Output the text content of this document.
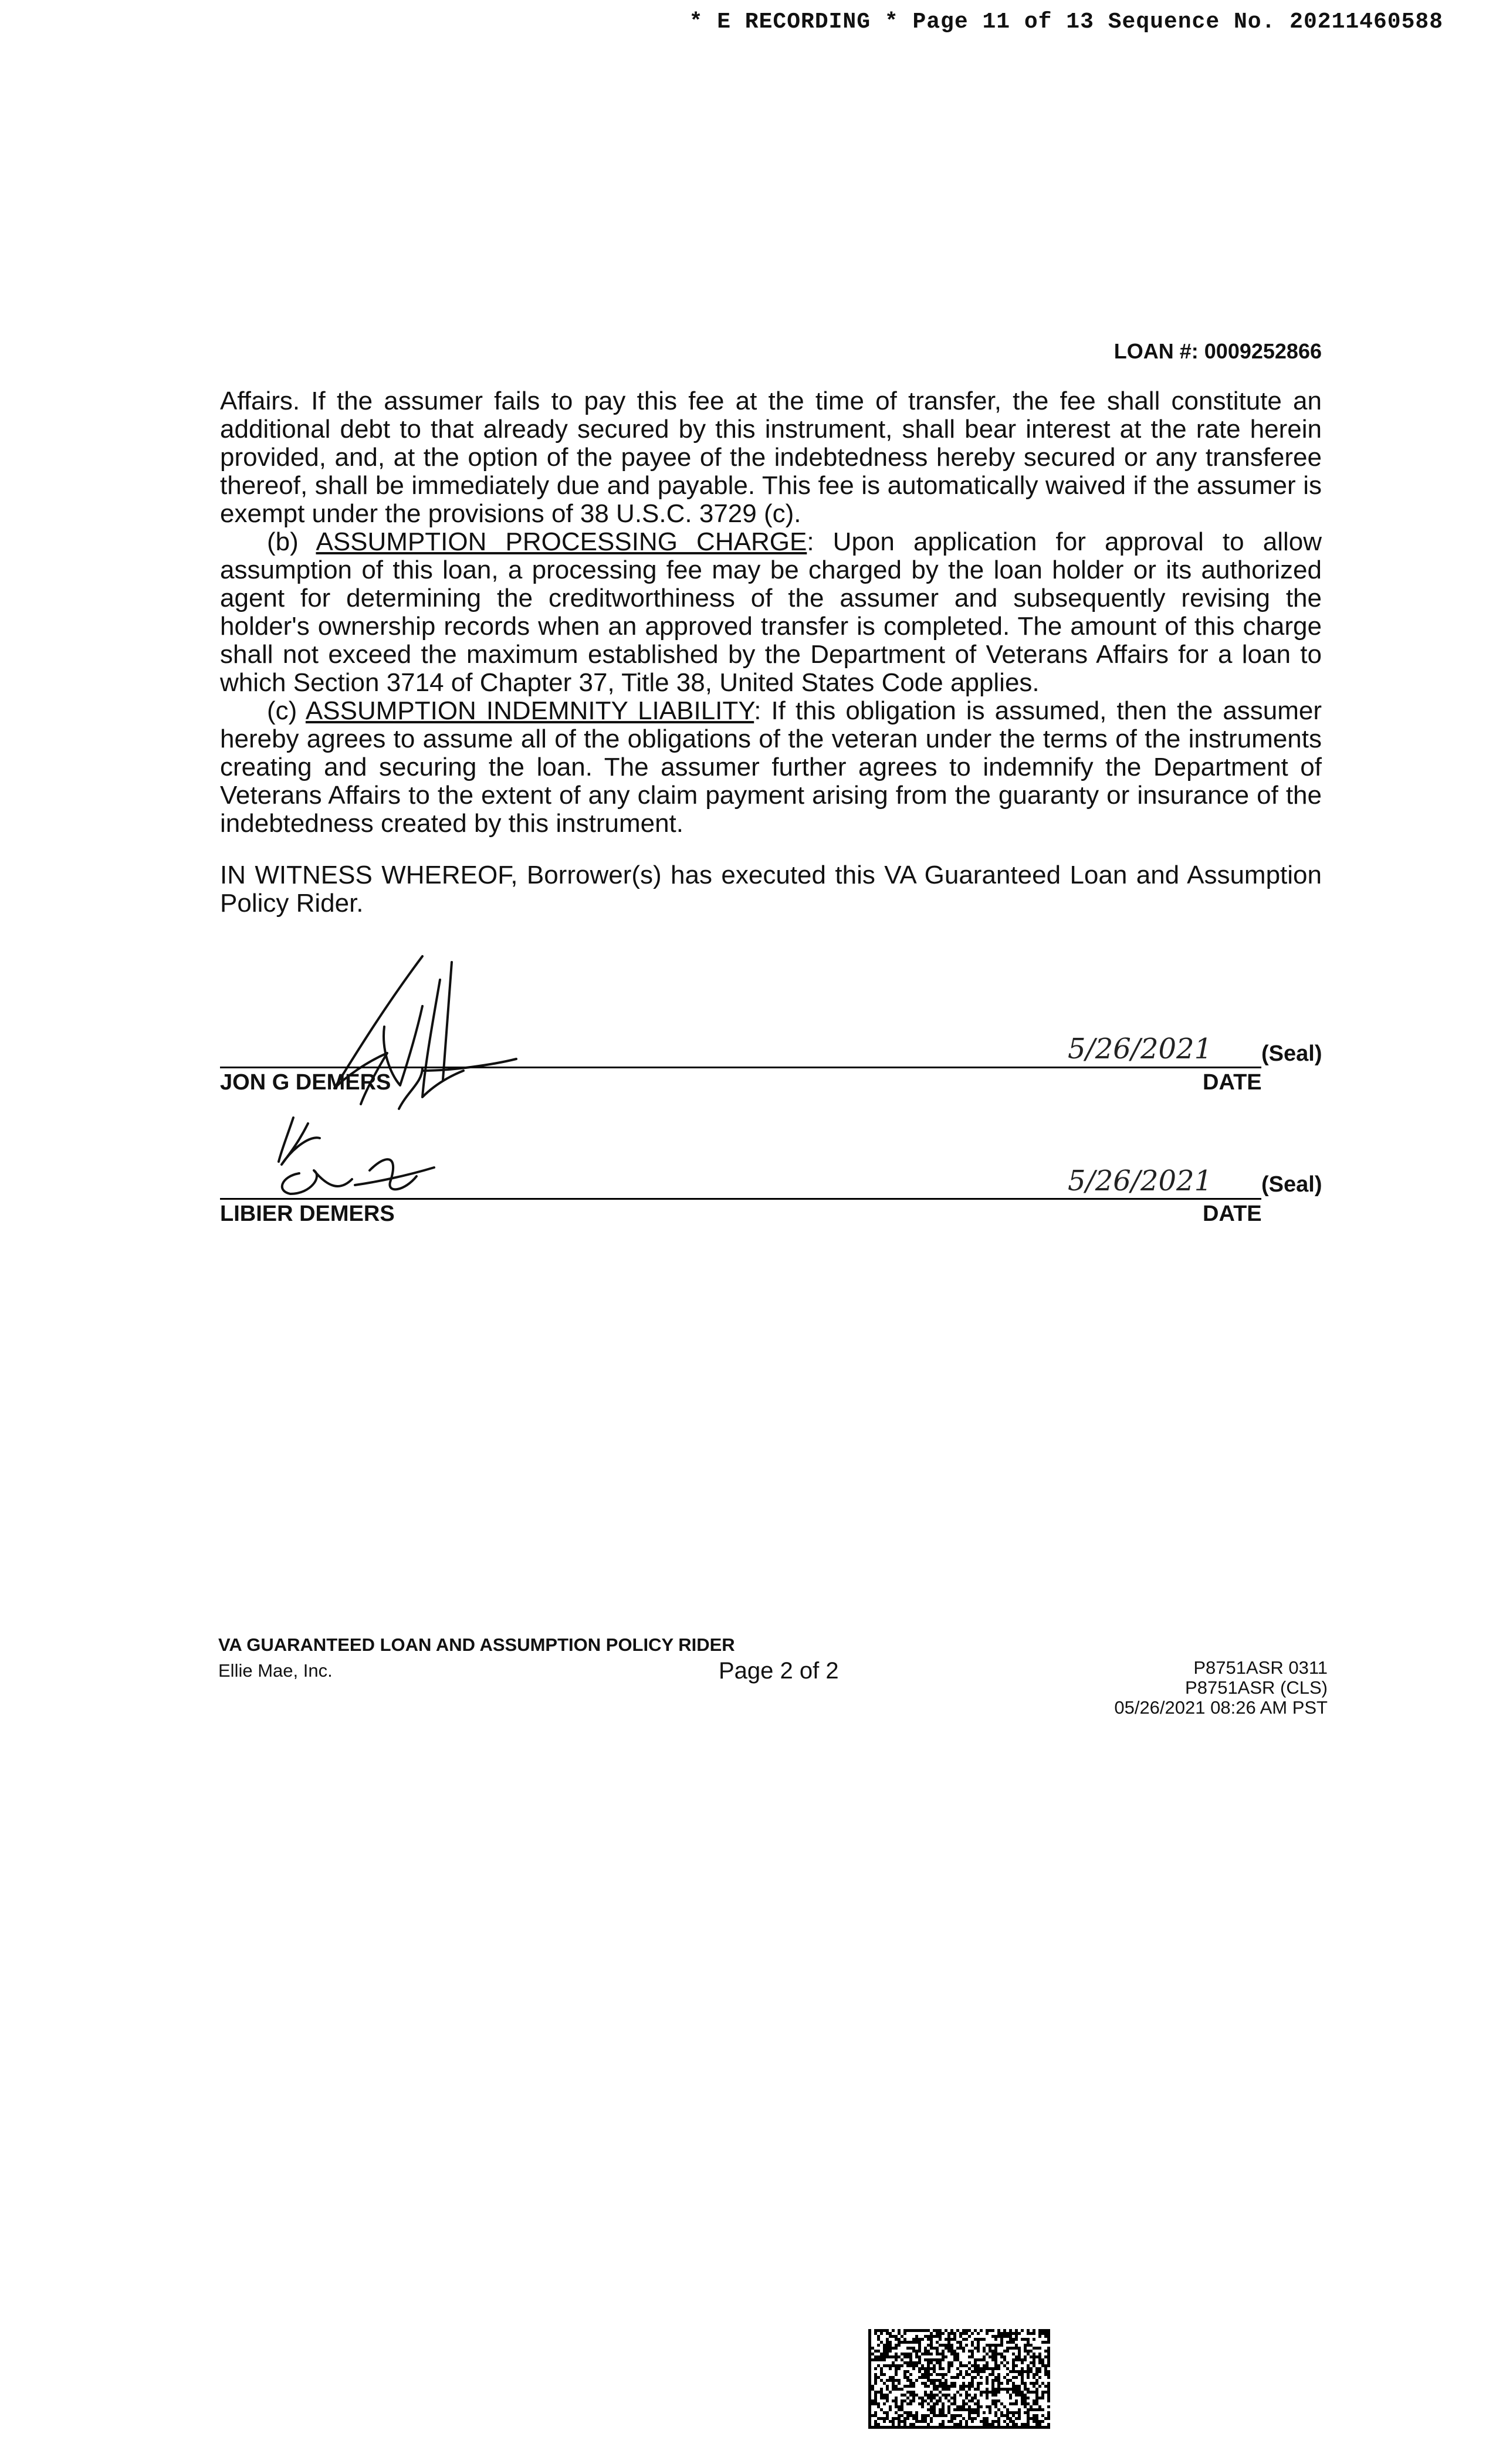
* E RECORDING * Page 11 of 13 Sequence No. 20211460588
LOAN #: 0009252866

Affairs. If the assumer fails to pay this fee at the time of transfer, the fee shall constitute an additional debt to that already secured by this instrument, shall bear interest at the rate herein provided, and, at the option of the payee of the indebtedness hereby secured or any transferee thereof, shall be immediately due and payable. This fee is automatically waived if the assumer is exempt under the provisions of 38 U.S.C. 3729 (c).

(b) ASSUMPTION PROCESSING CHARGE: Upon application for approval to allow assumption of this loan, a processing fee may be charged by the loan holder or its authorized agent for determining the creditworthiness of the assumer and subsequently revising the holder's ownership records when an approved transfer is completed. The amount of this charge shall not exceed the maximum established by the Department of Veterans Affairs for a loan to which Section 3714 of Chapter 37, Title 38, United States Code applies.

(c) ASSUMPTION INDEMNITY LIABILITY: If this obligation is assumed, then the assumer hereby agrees to assume all of the obligations of the veteran under the terms of the instruments creating and securing the loan. The assumer further agrees to indemnify the Department of Veterans Affairs to the extent of any claim payment arising from the guaranty or insurance of the indebtedness created by this instrument.

IN WITNESS WHEREOF, Borrower(s) has executed this VA Guaranteed Loan and Assumption Policy Rider.
5/26/2021 (Seal)
JON G DEMERS	DATE
5/26/2021 (Seal)
LIBIER DEMERS	DATE
VA GUARANTEED LOAN AND ASSUMPTION POLICY RIDER
Ellie Mae, Inc.	Page 2 of 2	P8751ASR 0311
P8751ASR (CLS)
05/26/2021 08:26 AM PST
